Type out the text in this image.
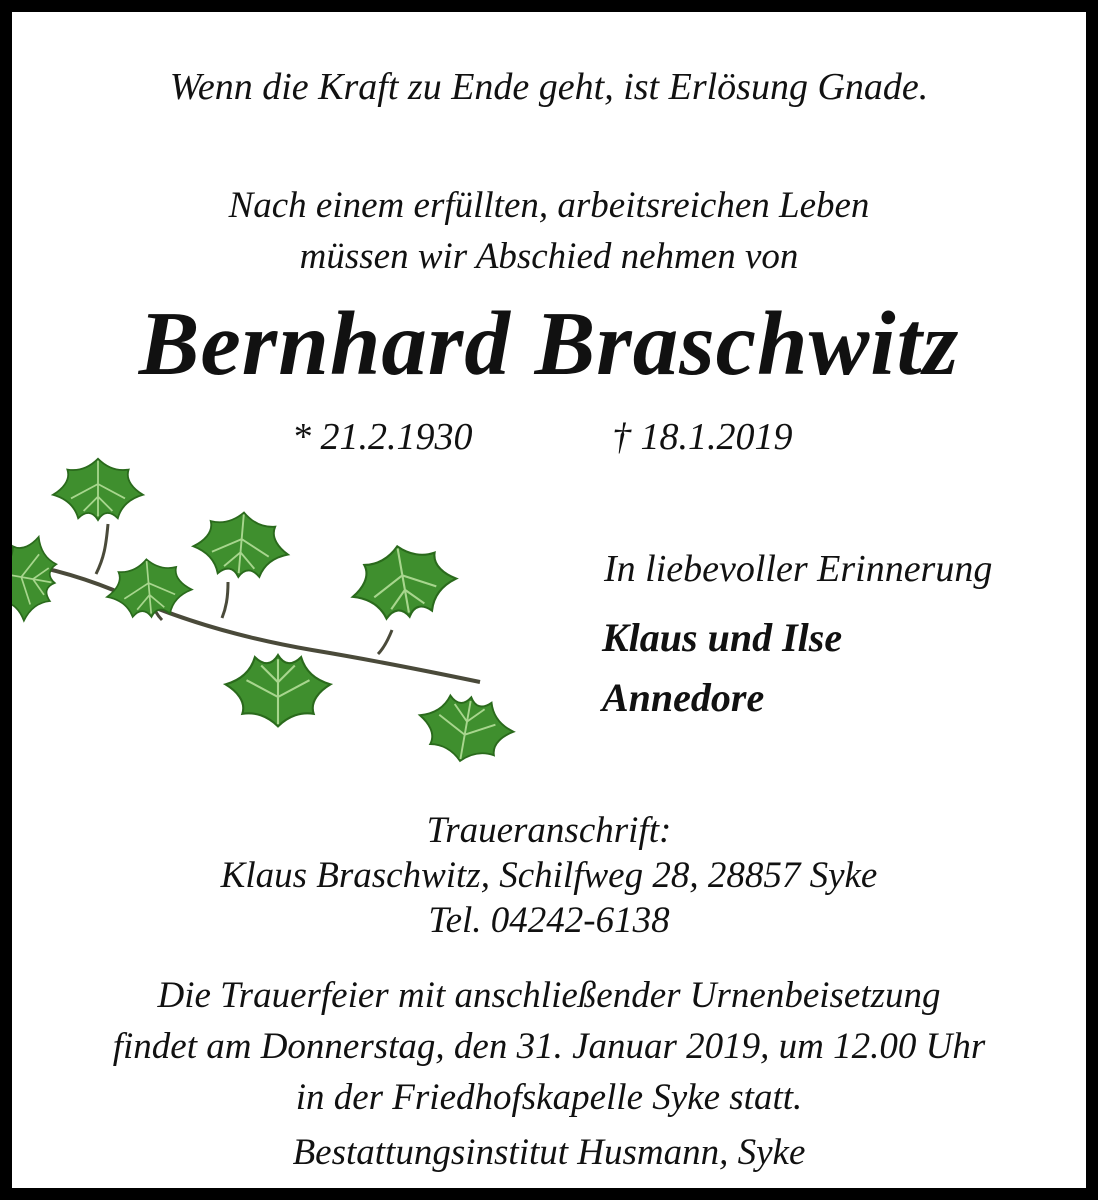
Wenn die Kraft zu Ende geht, ist Erlösung Gnade.
Nach einem erfüllten, arbeitsreichen Leben
müssen wir Abschied nehmen von
Bernhard Braschwitz
* 21.2.1930	† 18.1.2019
In liebevoller Erinnerung
Klaus und Ilse
Annedore
Traueranschrift:
Klaus Braschwitz, Schilfweg 28, 28857 Syke
Tel. 04242-6138
Die Trauerfeier mit anschließender Urnenbeisetzung
findet am Donnerstag, den 31. Januar 2019, um 12.00 Uhr
in der Friedhofskapelle Syke statt.
Bestattungsinstitut Husmann, Syke
